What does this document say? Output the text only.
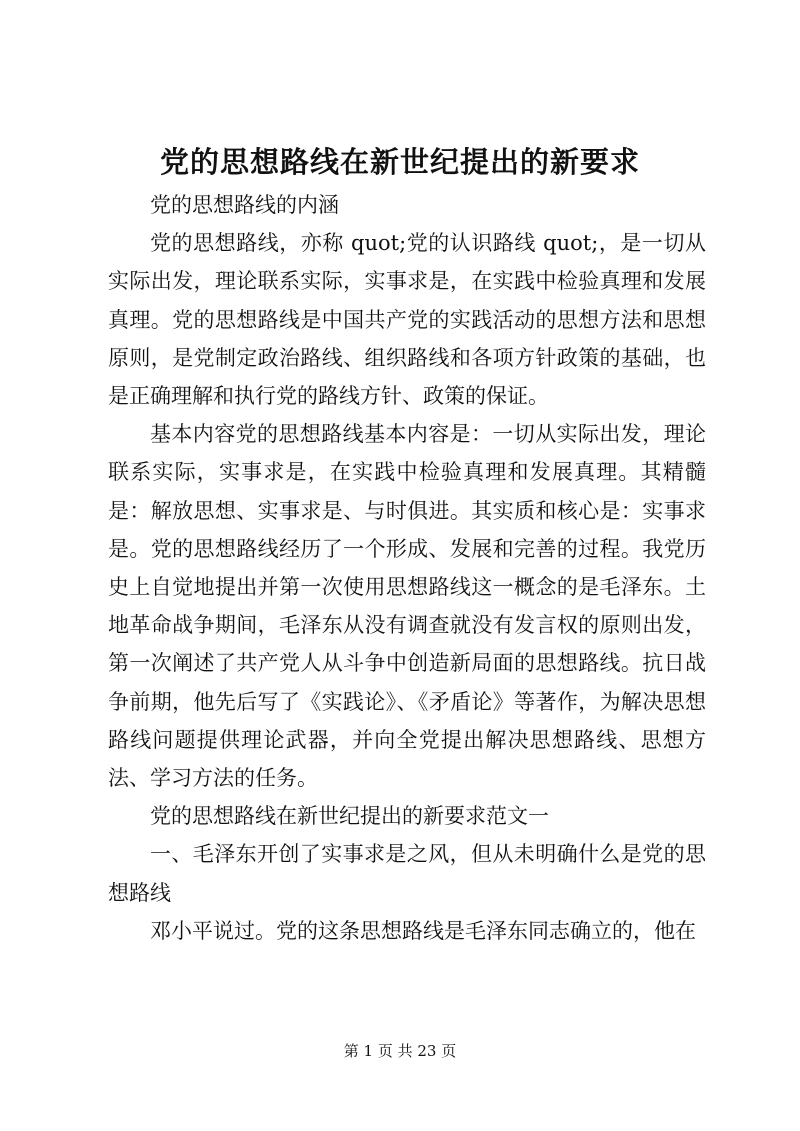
党的思想路线在新世纪提出的新要求

党的思想路线的内涵

党的思想路线，亦称 quot;党的认识路线 quot;，是一切从实际出发，理论联系实际，实事求是，在实践中检验真理和发展真理。党的思想路线是中国共产党的实践活动的思想方法和思想原则，是党制定政治路线、组织路线和各项方针政策的基础，也是正确理解和执行党的路线方针、政策的保证。

基本内容党的思想路线基本内容是：一切从实际出发，理论联系实际，实事求是，在实践中检验真理和发展真理。其精髓是：解放思想、实事求是、与时俱进。其实质和核心是：实事求是。党的思想路线经历了一个形成、发展和完善的过程。我党历史上自觉地提出并第一次使用思想路线这一概念的是毛泽东。土地革命战争期间，毛泽东从没有调查就没有发言权的原则出发，第一次阐述了共产党人从斗争中创造新局面的思想路线。抗日战争前期，他先后写了《实践论》、《矛盾论》等著作，为解决思想路线问题提供理论武器，并向全党提出解决思想路线、思想方法、学习方法的任务。

党的思想路线在新世纪提出的新要求范文一

一、毛泽东开创了实事求是之风，但从未明确什么是党的思想路线

邓小平说过。党的这条思想路线是毛泽东同志确立的，他在

第 1 页 共 23 页
